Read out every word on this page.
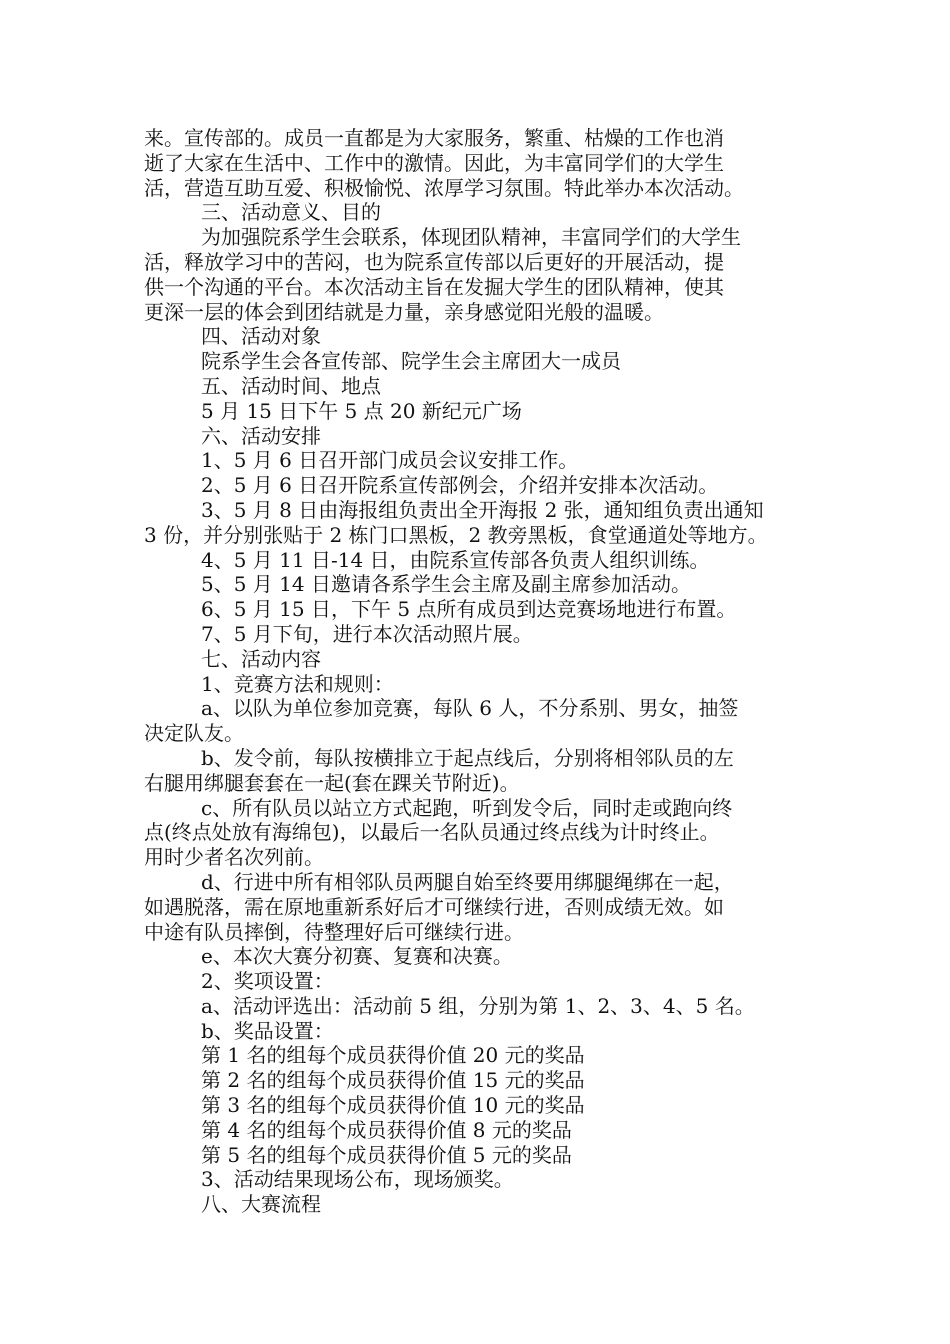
来。宣传部的。成员一直都是为大家服务，繁重、枯燥的工作也消
逝了大家在生活中、工作中的激情。因此，为丰富同学们的大学生
活，营造互助互爱、积极愉悦、浓厚学习氛围。特此举办本次活动。
三、活动意义、目的
为加强院系学生会联系，体现团队精神，丰富同学们的大学生
活，释放学习中的苦闷，也为院系宣传部以后更好的开展活动，提
供一个沟通的平台。本次活动主旨在发掘大学生的团队精神，使其
更深一层的体会到团结就是力量，亲身感觉阳光般的温暖。
四、活动对象
院系学生会各宣传部、院学生会主席团大一成员
五、活动时间、地点
5 月 15 日下午 5 点 20 新纪元广场
六、活动安排
1、5 月 6 日召开部门成员会议安排工作。
2、5 月 6 日召开院系宣传部例会，介绍并安排本次活动。
3、5 月 8 日由海报组负责出全开海报 2 张，通知组负责出通知
3 份，并分别张贴于 2 栋门口黑板，2 教旁黑板，食堂通道处等地方。
4、5 月 11 日-14 日，由院系宣传部各负责人组织训练。
5、5 月 14 日邀请各系学生会主席及副主席参加活动。
6、5 月 15 日，下午 5 点所有成员到达竞赛场地进行布置。
7、5 月下旬，进行本次活动照片展。
七、活动内容
1、竞赛方法和规则：
a、以队为单位参加竞赛，每队 6 人，不分系别、男女，抽签
决定队友。
b、发令前，每队按横排立于起点线后，分别将相邻队员的左
右腿用绑腿套套在一起(套在踝关节附近)。
c、所有队员以站立方式起跑，听到发令后，同时走或跑向终
点(终点处放有海绵包)，以最后一名队员通过终点线为计时终止。
用时少者名次列前。
d、行进中所有相邻队员两腿自始至终要用绑腿绳绑在一起，
如遇脱落，需在原地重新系好后才可继续行进，否则成绩无效。如
中途有队员摔倒，待整理好后可继续行进。
e、本次大赛分初赛、复赛和决赛。
2、奖项设置：
a、活动评选出：活动前 5 组，分别为第 1、2、3、4、5 名。
b、奖品设置：
第 1 名的组每个成员获得价值 20 元的奖品
第 2 名的组每个成员获得价值 15 元的奖品
第 3 名的组每个成员获得价值 10 元的奖品
第 4 名的组每个成员获得价值 8 元的奖品
第 5 名的组每个成员获得价值 5 元的奖品
3、活动结果现场公布，现场颁奖。
八、大赛流程
